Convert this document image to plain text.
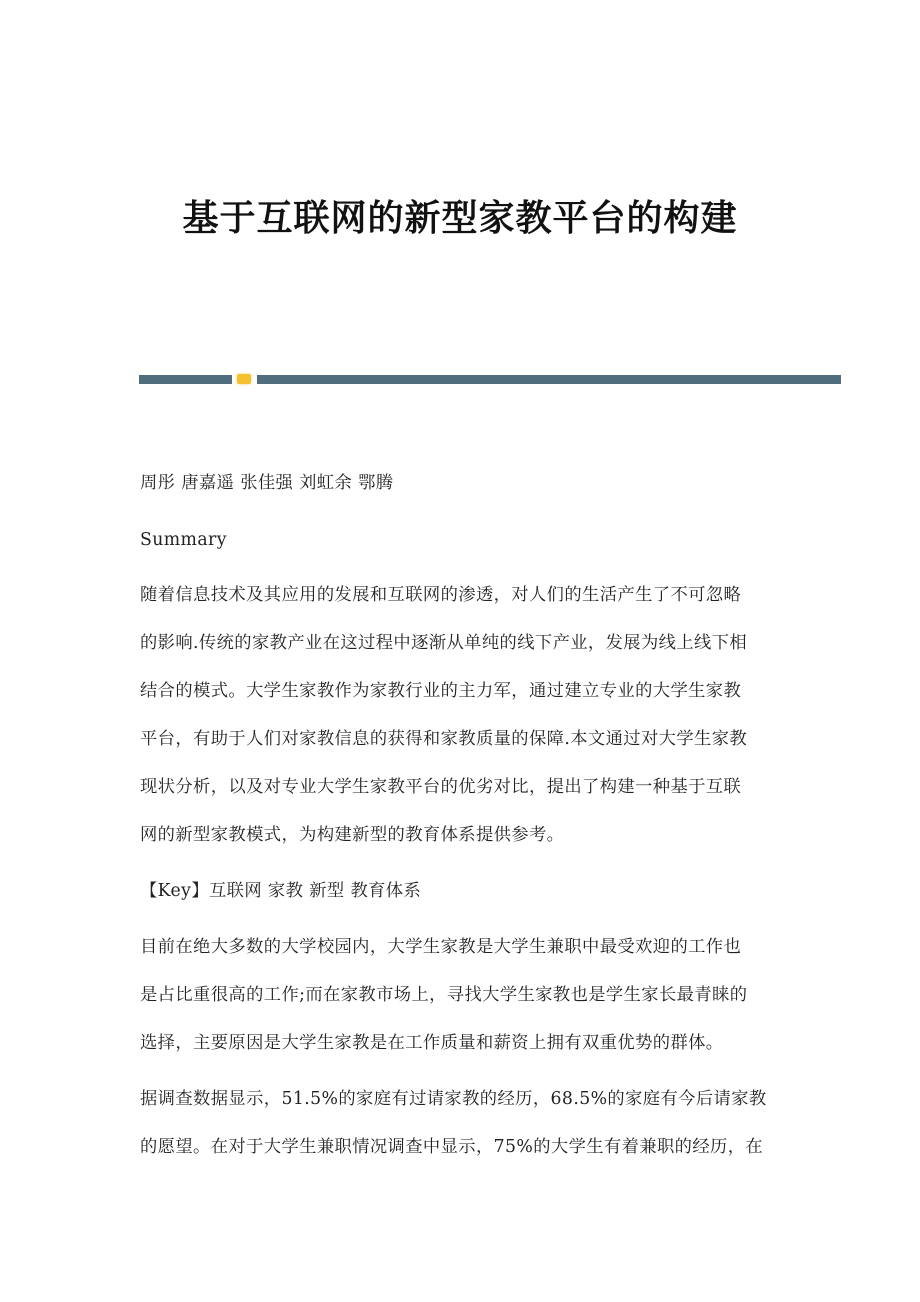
基于互联网的新型家教平台的构建
周彤 唐嘉遥 张佳强 刘虹余 鄂腾
Summary
随着信息技术及其应用的发展和互联网的渗透，对人们的生活产生了不可忽略
的影响.传统的家教产业在这过程中逐渐从单纯的线下产业，发展为线上线下相
结合的模式。大学生家教作为家教行业的主力军，通过建立专业的大学生家教
平台，有助于人们对家教信息的获得和家教质量的保障.本文通过对大学生家教
现状分析，以及对专业大学生家教平台的优劣对比，提出了构建一种基于互联
网的新型家教模式，为构建新型的教育体系提供参考。
【Key】互联网 家教 新型 教育体系
目前在绝大多数的大学校园内，大学生家教是大学生兼职中最受欢迎的工作也
是占比重很高的工作;而在家教市场上，寻找大学生家教也是学生家长最青睐的
选择，主要原因是大学生家教是在工作质量和薪资上拥有双重优势的群体。
据调查数据显示，51.5%的家庭有过请家教的经历，68.5%的家庭有今后请家教
的愿望。在对于大学生兼职情况调查中显示，75%的大学生有着兼职的经历，在
